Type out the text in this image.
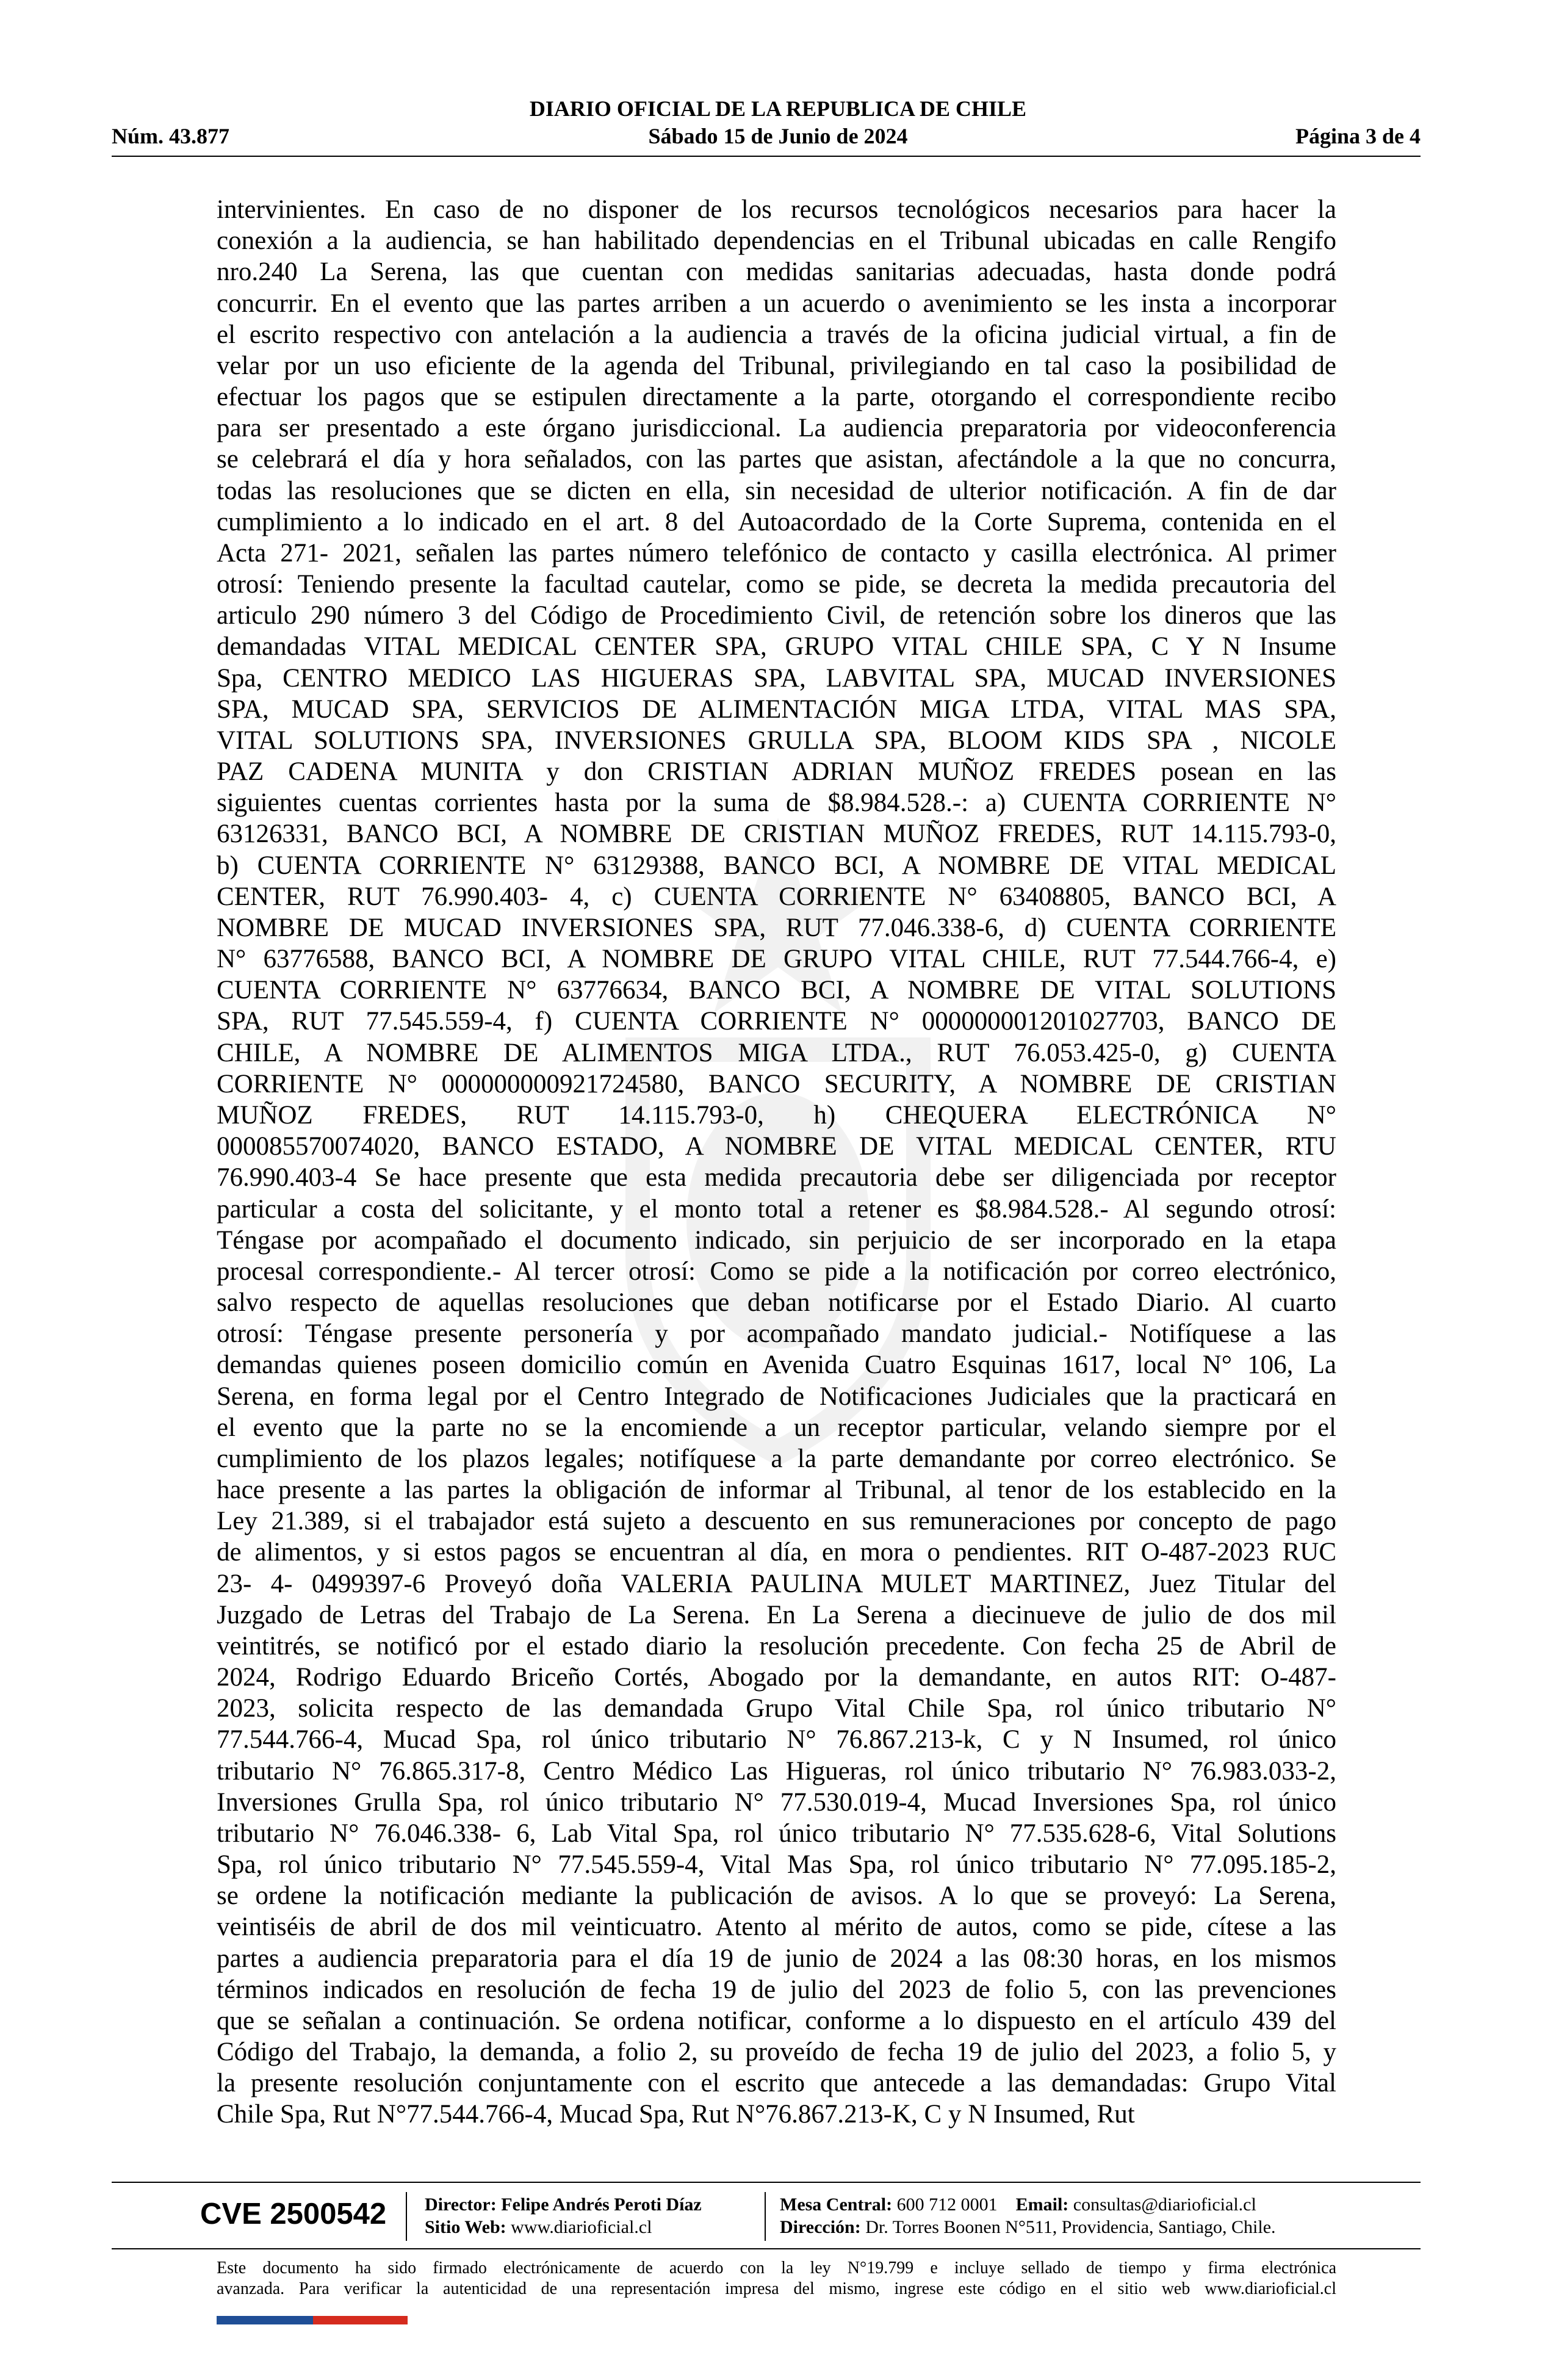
DIARIO OFICIAL DE LA REPUBLICA DE CHILE
Núm. 43.877	Sábado 15 de Junio de 2024	Página 3 de 4
intervinientes. En caso de no disponer de los recursos tecnológicos necesarios para hacer la
conexión a la audiencia, se han habilitado dependencias en el Tribunal ubicadas en calle Rengifo
nro.240 La Serena, las que cuentan con medidas sanitarias adecuadas, hasta donde podrá
concurrir. En el evento que las partes arriben a un acuerdo o avenimiento se les insta a incorporar
el escrito respectivo con antelación a la audiencia a través de la oficina judicial virtual, a fin de
velar por un uso eficiente de la agenda del Tribunal, privilegiando en tal caso la posibilidad de
efectuar los pagos que se estipulen directamente a la parte, otorgando el correspondiente recibo
para ser presentado a este órgano jurisdiccional. La audiencia preparatoria por videoconferencia
se celebrará el día y hora señalados, con las partes que asistan, afectándole a la que no concurra,
todas las resoluciones que se dicten en ella, sin necesidad de ulterior notificación. A fin de dar
cumplimiento a lo indicado en el art. 8 del Autoacordado de la Corte Suprema, contenida en el
Acta 271- 2021, señalen las partes número telefónico de contacto y casilla electrónica. Al primer
otrosí: Teniendo presente la facultad cautelar, como se pide, se decreta la medida precautoria del
articulo 290 número 3 del Código de Procedimiento Civil, de retención sobre los dineros que las
demandadas VITAL MEDICAL CENTER SPA, GRUPO VITAL CHILE SPA, C Y N Insume
Spa, CENTRO MEDICO LAS HIGUERAS SPA, LABVITAL SPA, MUCAD INVERSIONES
SPA, MUCAD SPA, SERVICIOS DE ALIMENTACIÓN MIGA LTDA, VITAL MAS SPA,
VITAL SOLUTIONS SPA, INVERSIONES GRULLA SPA, BLOOM KIDS SPA , NICOLE
PAZ CADENA MUNITA y don CRISTIAN ADRIAN MUÑOZ FREDES posean en las
siguientes cuentas corrientes hasta por la suma de $8.984.528.-: a) CUENTA CORRIENTE N°
63126331, BANCO BCI, A NOMBRE DE CRISTIAN MUÑOZ FREDES, RUT 14.115.793-0,
b) CUENTA CORRIENTE N° 63129388, BANCO BCI, A NOMBRE DE VITAL MEDICAL
CENTER, RUT 76.990.403- 4, c) CUENTA CORRIENTE N° 63408805, BANCO BCI, A
NOMBRE DE MUCAD INVERSIONES SPA, RUT 77.046.338-6, d) CUENTA CORRIENTE
N° 63776588, BANCO BCI, A NOMBRE DE GRUPO VITAL CHILE, RUT 77.544.766-4, e)
CUENTA CORRIENTE N° 63776634, BANCO BCI, A NOMBRE DE VITAL SOLUTIONS
SPA, RUT 77.545.559-4, f) CUENTA CORRIENTE N° 000000001201027703, BANCO DE
CHILE, A NOMBRE DE ALIMENTOS MIGA LTDA., RUT 76.053.425-0, g) CUENTA
CORRIENTE N° 000000000921724580, BANCO SECURITY, A NOMBRE DE CRISTIAN
MUÑOZ FREDES, RUT 14.115.793-0, h) CHEQUERA ELECTRÓNICA N°
000085570074020, BANCO ESTADO, A NOMBRE DE VITAL MEDICAL CENTER, RTU
76.990.403-4 Se hace presente que esta medida precautoria debe ser diligenciada por receptor
particular a costa del solicitante, y el monto total a retener es $8.984.528.- Al segundo otrosí:
Téngase por acompañado el documento indicado, sin perjuicio de ser incorporado en la etapa
procesal correspondiente.- Al tercer otrosí: Como se pide a la notificación por correo electrónico,
salvo respecto de aquellas resoluciones que deban notificarse por el Estado Diario. Al cuarto
otrosí: Téngase presente personería y por acompañado mandato judicial.- Notifíquese a las
demandas quienes poseen domicilio común en Avenida Cuatro Esquinas 1617, local N° 106, La
Serena, en forma legal por el Centro Integrado de Notificaciones Judiciales que la practicará en
el evento que la parte no se la encomiende a un receptor particular, velando siempre por el
cumplimiento de los plazos legales; notifíquese a la parte demandante por correo electrónico. Se
hace presente a las partes la obligación de informar al Tribunal, al tenor de los establecido en la
Ley 21.389, si el trabajador está sujeto a descuento en sus remuneraciones por concepto de pago
de alimentos, y si estos pagos se encuentran al día, en mora o pendientes. RIT O-487-2023 RUC
23- 4- 0499397-6 Proveyó doña VALERIA PAULINA MULET MARTINEZ, Juez Titular del
Juzgado de Letras del Trabajo de La Serena. En La Serena a diecinueve de julio de dos mil
veintitrés, se notificó por el estado diario la resolución precedente. Con fecha 25 de Abril de
2024, Rodrigo Eduardo Briceño Cortés, Abogado por la demandante, en autos RIT: O-487-
2023, solicita respecto de las demandada Grupo Vital Chile Spa, rol único tributario N°
77.544.766-4, Mucad Spa, rol único tributario N° 76.867.213-k, C y N Insumed, rol único
tributario N° 76.865.317-8, Centro Médico Las Higueras, rol único tributario N° 76.983.033-2,
Inversiones Grulla Spa, rol único tributario N° 77.530.019-4, Mucad Inversiones Spa, rol único
tributario N° 76.046.338- 6, Lab Vital Spa, rol único tributario N° 77.535.628-6, Vital Solutions
Spa, rol único tributario N° 77.545.559-4, Vital Mas Spa, rol único tributario N° 77.095.185-2,
se ordene la notificación mediante la publicación de avisos. A lo que se proveyó: La Serena,
veintiséis de abril de dos mil veinticuatro. Atento al mérito de autos, como se pide, cítese a las
partes a audiencia preparatoria para el día 19 de junio de 2024 a las 08:30 horas, en los mismos
términos indicados en resolución de fecha 19 de julio del 2023 de folio 5, con las prevenciones
que se señalan a continuación. Se ordena notificar, conforme a lo dispuesto en el artículo 439 del
Código del Trabajo, la demanda, a folio 2, su proveído de fecha 19 de julio del 2023, a folio 5, y
la presente resolución conjuntamente con el escrito que antecede a las demandadas: Grupo Vital
Chile Spa, Rut N°77.544.766-4, Mucad Spa, Rut N°76.867.213-K, C y N Insumed, Rut
CVE 2500542 Director: Felipe Andrés Peroti Díaz
Sitio Web: www.diarioficial.cl
Mesa Central: 600 712 0001 Email: consultas@diarioficial.cl
Dirección: Dr. Torres Boonen N°511, Providencia, Santiago, Chile.
Este documento ha sido firmado electrónicamente de acuerdo con la ley N°19.799 e incluye sellado de tiempo y firma electrónica
avanzada. Para verificar la autenticidad de una representación impresa del mismo, ingrese este código en el sitio web www.diarioficial.cl
